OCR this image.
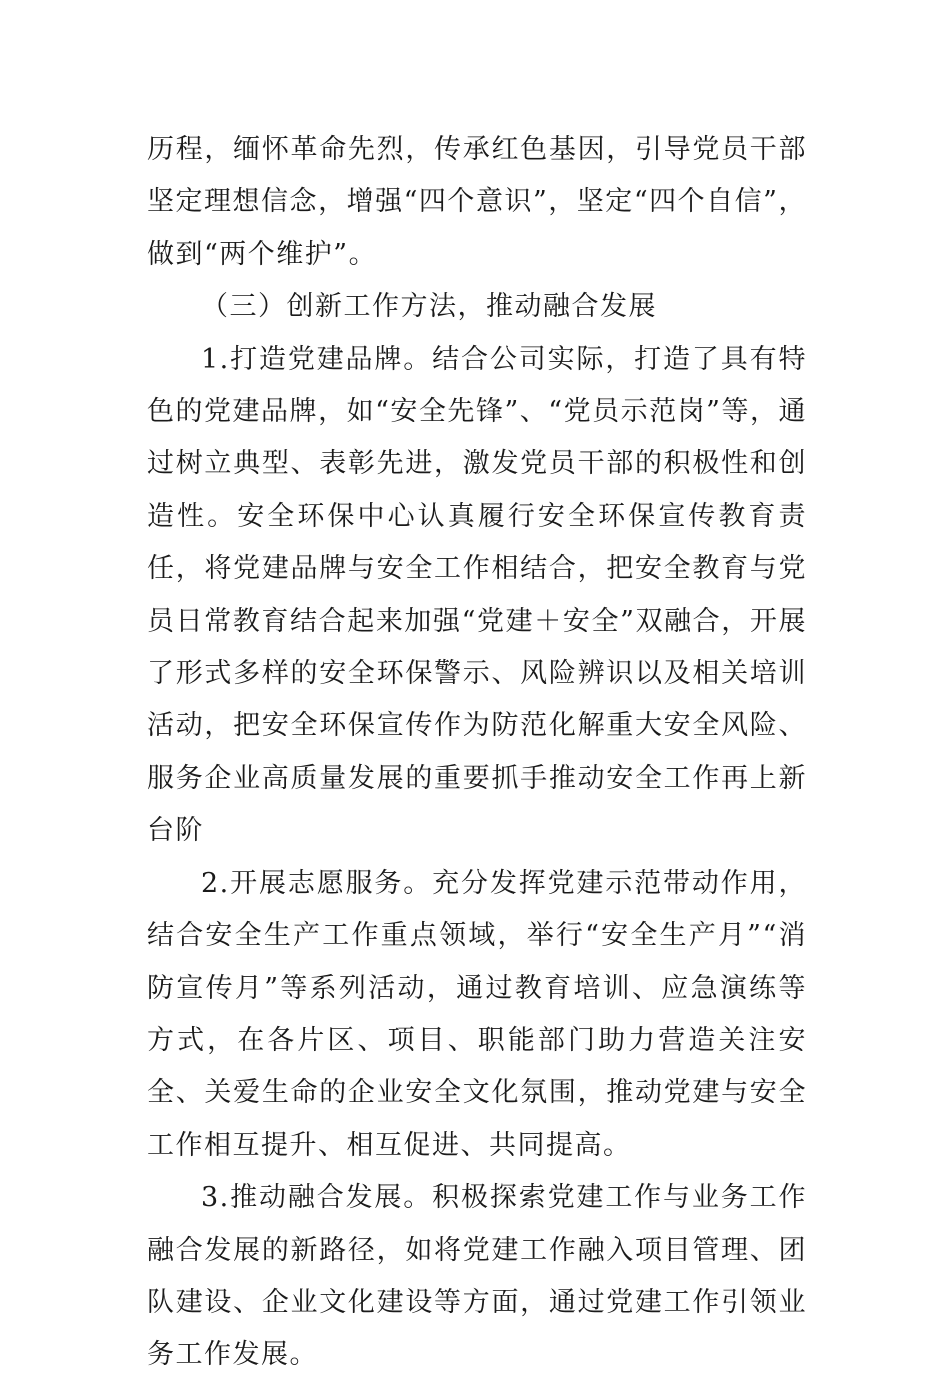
历程，缅怀革命先烈，传承红色基因，引导党员干部坚定理想信念，增强“四个意识”，坚定“四个自信”，做到“两个维护”。

（三）创新工作方法，推动融合发展

1.打造党建品牌。结合公司实际，打造了具有特色的党建品牌，如“安全先锋”、“党员示范岗”等，通过树立典型、表彰先进，激发党员干部的积极性和创造性。安全环保中心认真履行安全环保宣传教育责任，将党建品牌与安全工作相结合，把安全教育与党员日常教育结合起来加强“党建＋安全”双融合，开展了形式多样的安全环保警示、风险辨识以及相关培训活动，把安全环保宣传作为防范化解重大安全风险、服务企业高质量发展的重要抓手推动安全工作再上新台阶

2.开展志愿服务。充分发挥党建示范带动作用，结合安全生产工作重点领域，举行“安全生产月”“消防宣传月”等系列活动，通过教育培训、应急演练等方式，在各片区、项目、职能部门助力营造关注安全、关爱生命的企业安全文化氛围，推动党建与安全工作相互提升、相互促进、共同提高。

3.推动融合发展。积极探索党建工作与业务工作融合发展的新路径，如将党建工作融入项目管理、团队建设、企业文化建设等方面，通过党建工作引领业务工作发展。
